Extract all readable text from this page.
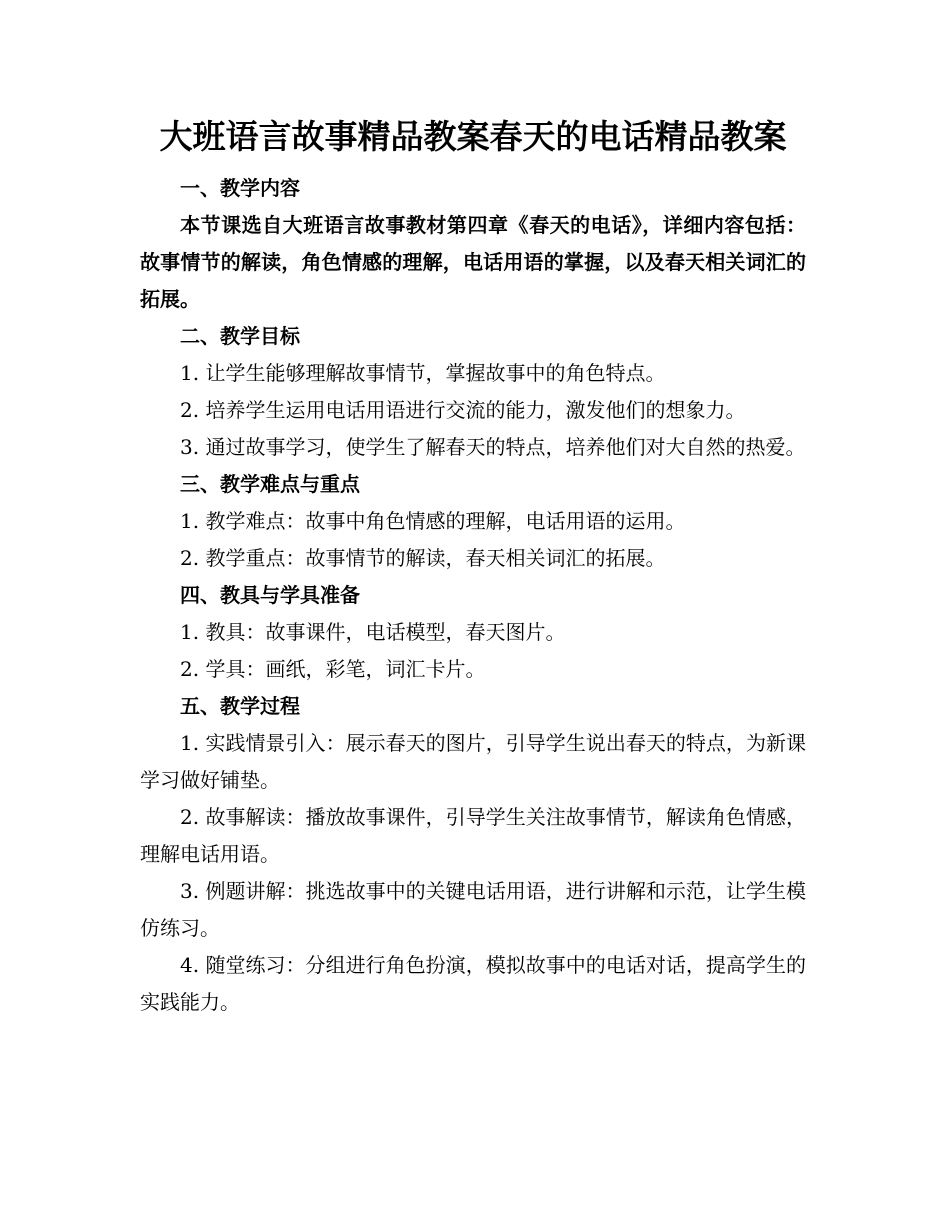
大班语言故事精品教案春天的电话精品教案

一、教学内容

本节课选自大班语言故事教材第四章《春天的电话》，详细内容包括：故事情节的解读，角色情感的理解，电话用语的掌握，以及春天相关词汇的拓展。

二、教学目标

1. 让学生能够理解故事情节，掌握故事中的角色特点。

2. 培养学生运用电话用语进行交流的能力，激发他们的想象力。

3. 通过故事学习，使学生了解春天的特点，培养他们对大自然的热爱。

三、教学难点与重点

1. 教学难点：故事中角色情感的理解，电话用语的运用。

2. 教学重点：故事情节的解读，春天相关词汇的拓展。

四、教具与学具准备

1. 教具：故事课件，电话模型，春天图片。

2. 学具：画纸，彩笔，词汇卡片。

五、教学过程

1. 实践情景引入：展示春天的图片，引导学生说出春天的特点，为新课学习做好铺垫。

2. 故事解读：播放故事课件，引导学生关注故事情节，解读角色情感，理解电话用语。

3. 例题讲解：挑选故事中的关键电话用语，进行讲解和示范，让学生模仿练习。

4. 随堂练习：分组进行角色扮演，模拟故事中的电话对话，提高学生的实践能力。
